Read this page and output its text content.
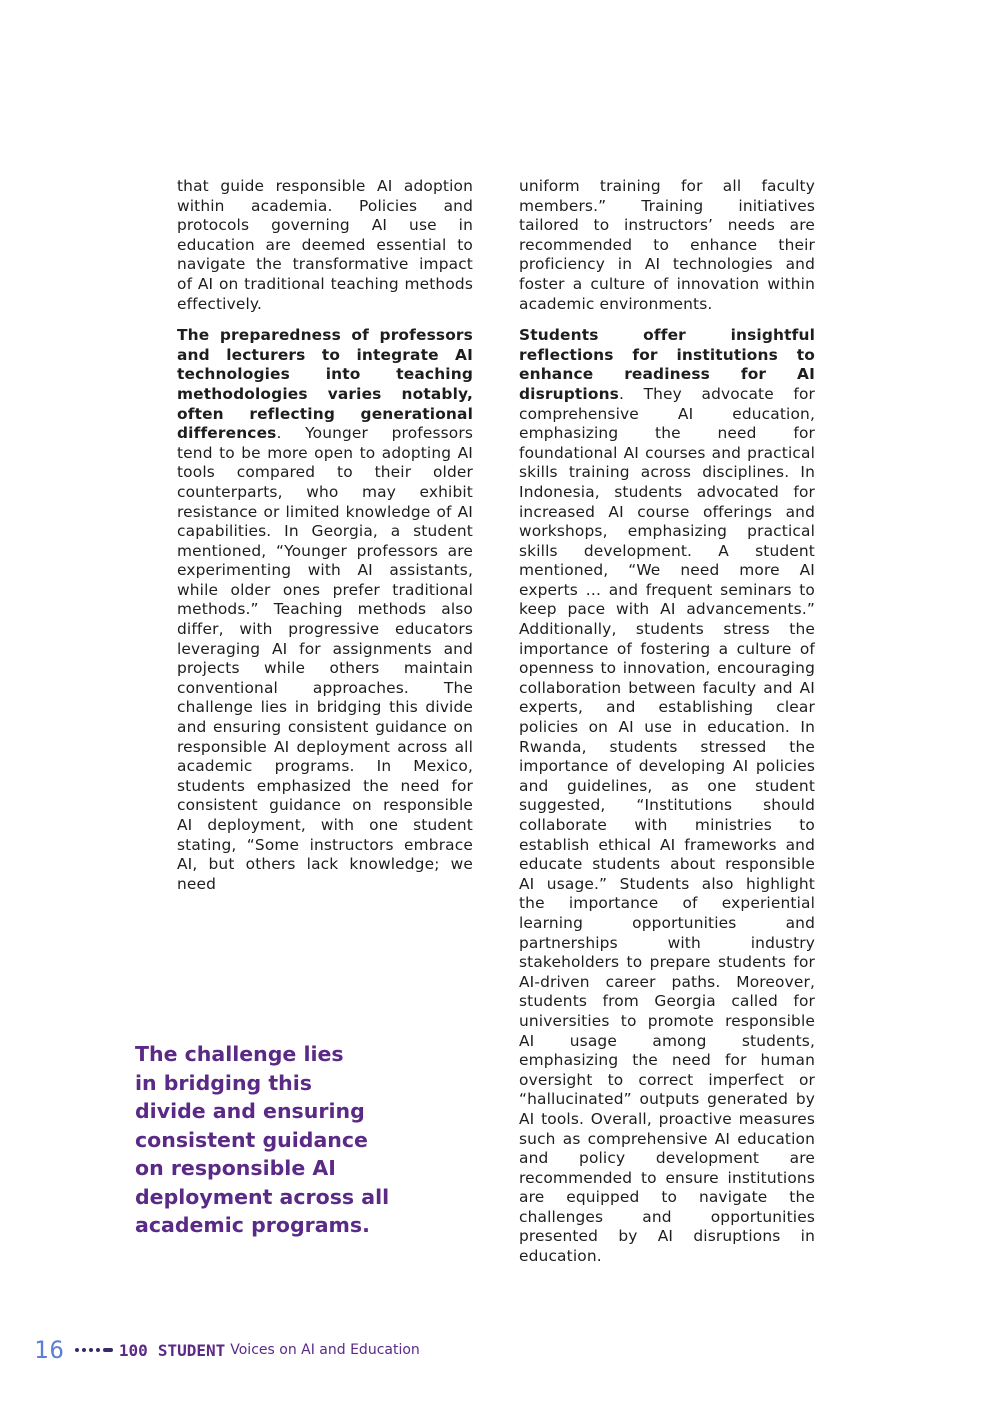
that guide responsible AI adoption within academia. Policies and protocols governing AI use in education are deemed essential to navigate the transformative impact of AI on traditional teaching methods effectively.

The preparedness of professors and lecturers to integrate AI technologies into teaching methodologies varies notably, often reflecting generational differences. Younger professors tend to be more open to adopting AI tools compared to their older counterparts, who may exhibit resistance or limited knowledge of AI capabilities. In Georgia, a student mentioned, “Younger professors are experimenting with AI assistants, while older ones prefer traditional methods.” Teaching methods also differ, with progressive educators leveraging AI for assignments and projects while others maintain conventional approaches. The challenge lies in bridging this divide and ensuring consistent guidance on responsible AI deployment across all academic programs. In Mexico, students emphasized the need for consistent guidance on responsible AI deployment, with one student stating, “Some instructors embrace AI, but others lack knowledge; we need

uniform training for all faculty members.” Training initiatives tailored to instructors’ needs are recommended to enhance their proficiency in AI technologies and foster a culture of innovation within academic environments.

Students offer insightful reflections for institutions to enhance readiness for AI disruptions. They advocate for comprehensive AI education, emphasizing the need for foundational AI courses and practical skills training across disciplines. In Indonesia, students advocated for increased AI course offerings and workshops, emphasizing practical skills development. A student mentioned, “We need more AI experts … and frequent seminars to keep pace with AI advancements.” Additionally, students stress the importance of fostering a culture of openness to innovation, encouraging collaboration between faculty and AI experts, and establishing clear policies on AI use in education. In Rwanda, students stressed the importance of developing AI policies and guidelines, as one student suggested, “Institutions should collaborate with ministries to establish ethical AI frameworks and educate students about responsible AI usage.” Students also highlight the importance of experiential learning opportunities and partnerships with industry stakeholders to prepare students for AI-driven career paths. Moreover, students from Georgia called for universities to promote responsible AI usage among students, emphasizing the need for human oversight to correct imperfect or “hallucinated” outputs generated by AI tools. Overall, proactive measures such as comprehensive AI education and policy development are recommended to ensure institutions are equipped to navigate the challenges and opportunities presented by AI disruptions in education.

The challenge lies
in bridging this
divide and ensuring
consistent guidance
on responsible AI
deployment across all
academic programs.
16	100 STUDENT Voices on AI and Education
